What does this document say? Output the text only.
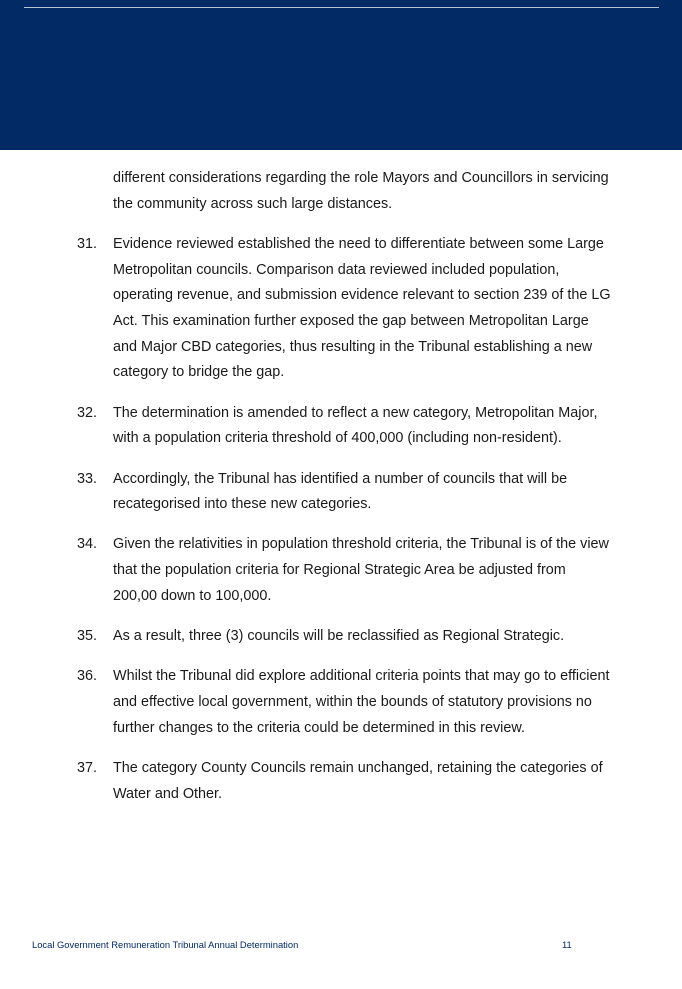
different considerations regarding the role Mayors and Councillors in servicing the community across such large distances.

31.	Evidence reviewed established the need to differentiate between some Large Metropolitan councils. Comparison data reviewed included population, operating revenue, and submission evidence relevant to section 239 of the LG Act. This examination further exposed the gap between Metropolitan Large and Major CBD categories, thus resulting in the Tribunal establishing a new category to bridge the gap.
32.	The determination is amended to reflect a new category, Metropolitan Major, with a population criteria threshold of 400,000 (including non-resident).
33.	Accordingly, the Tribunal has identified a number of councils that will be recategorised into these new categories.
34.	Given the relativities in population threshold criteria, the Tribunal is of the view that the population criteria for Regional Strategic Area be adjusted from 200,00 down to 100,000.
35.	As a result, three (3) councils will be reclassified as Regional Strategic.
36.	Whilst the Tribunal did explore additional criteria points that may go to efficient and effective local government, within the bounds of statutory provisions no further changes to the criteria could be determined in this review.
37.	The category County Councils remain unchanged, retaining the categories of Water and Other.
Local Government Remuneration Tribunal Annual Determination	11
